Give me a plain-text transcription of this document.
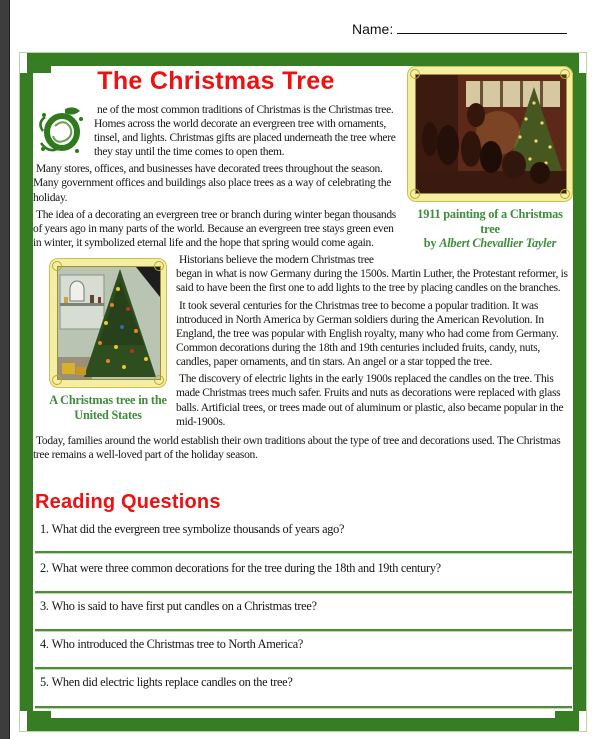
Name:
1911 painting of a Christmas tree
by Albert Chevallier Tayler
The Christmas Tree

ne of the most common traditions of Christmas is the Christmas tree. Homes across the world decorate an evergreen tree with ornaments, tinsel, and lights. Christmas gifts are placed underneath the tree where they stay until the time comes to open them.

Many stores, offices, and businesses have decorated trees throughout the season. Many government offices and buildings also place trees as a way of celebrating the holiday.

The idea of a decorating an evergreen tree or branch during winter began thousands of years ago in many parts of the world. Because an evergreen tree stays green even in winter, it symbolized eternal life and the hope that spring would come again.

A Christmas tree in the United States

Historians believe the modern Christmas tree began in what is now Germany during the 1500s. Martin Luther, the Protestant reformer, is said to have been the first one to add lights to the tree by placing candles on the branches.

It took several centuries for the Christmas tree to become a popular tradition. It was introduced in North America by German soldiers during the American Revolution. In England, the tree was popular with English royalty, many who had come from Germany. Common decorations during the 18th and 19th centuries included fruits, candy, nuts, candles, paper ornaments, and tin stars. An angel or a star topped the tree.

The discovery of electric lights in the early 1900s replaced the candles on the tree. This made Christmas trees much safer. Fruits and nuts as decorations were replaced with glass balls. Artificial trees, or trees made out of aluminum or plastic, also became popular in the mid-1900s.

Today, families around the world establish their own traditions about the type of tree and decorations used. The Christmas tree remains a well-loved part of the holiday season.

Reading Questions
1. What did the evergreen tree symbolize thousands of years ago?
2. What were three common decorations for the tree during the 18th and 19th century?
3. Who is said to have first put candles on a Christmas tree?
4. Who introduced the Christmas tree to North America?
5. When did electric lights replace candles on the tree?
